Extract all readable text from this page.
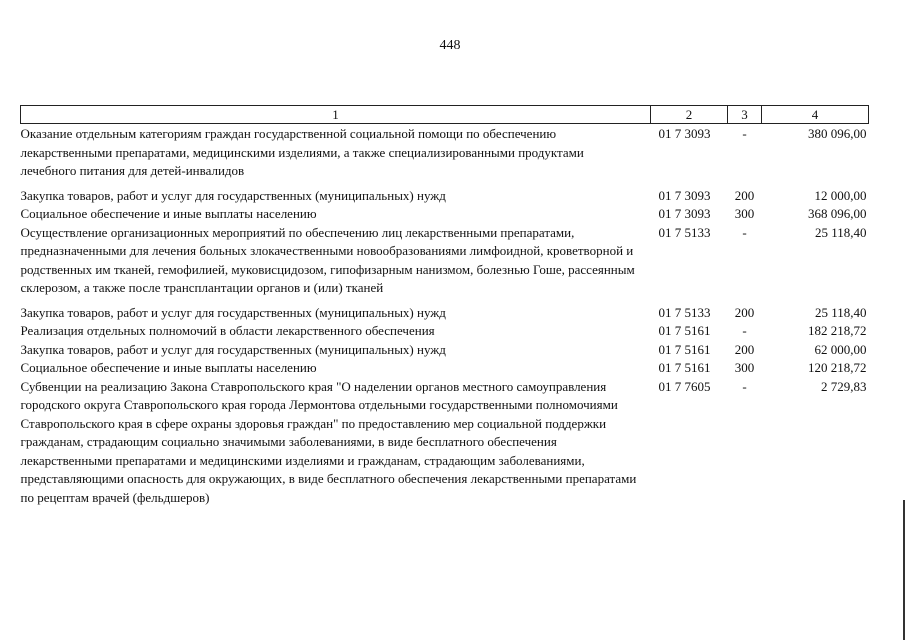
448
1	2	3	4
Оказание отдельным категориям граждан государственной социальной помощи по обеспечению лекарственными препаратами, медицинскими изделиями, а также специализированными продуктами лечебного питания для детей-инвалидов	01 7 3093	-	380 096,00
Закупка товаров, работ и услуг для государственных (муниципальных) нужд	01 7 3093	200	12 000,00
Социальное обеспечение и иные выплаты населению	01 7 3093	300	368 096,00
Осуществление организационных мероприятий по обеспечению лиц лекарственными препаратами, предназначенными для лечения больных злокачественными новообразованиями лимфоидной, кроветворной и родственных им тканей, гемофилией, муковисцидозом, гипофизарным нанизмом, болезнью Гоше, рассеянным склерозом, а также после трансплантации органов и (или) тканей	01 7 5133	-	25 118,40
Закупка товаров, работ и услуг для государственных (муниципальных) нужд	01 7 5133	200	25 118,40
Реализация отдельных полномочий в области лекарственного обеспечения	01 7 5161	-	182 218,72
Закупка товаров, работ и услуг для государственных (муниципальных) нужд	01 7 5161	200	62 000,00
Социальное обеспечение и иные выплаты населению	01 7 5161	300	120 218,72
Субвенции на реализацию Закона Ставропольского края "О наделении органов местного самоуправления городского округа Ставропольского края города Лермонтова отдельными государственными полномочиями Ставропольского края в сфере охраны здоровья граждан" по предоставлению мер социальной поддержки гражданам, страдающим социально значимыми заболеваниями, в виде бесплатного обеспечения лекарственными препаратами и медицинскими изделиями и гражданам, страдающим заболеваниями, представляющими опасность для окружающих, в виде бесплатного обеспечения лекарственными препаратами по рецептам врачей (фельдшеров)	01 7 7605	-	2 729,83
